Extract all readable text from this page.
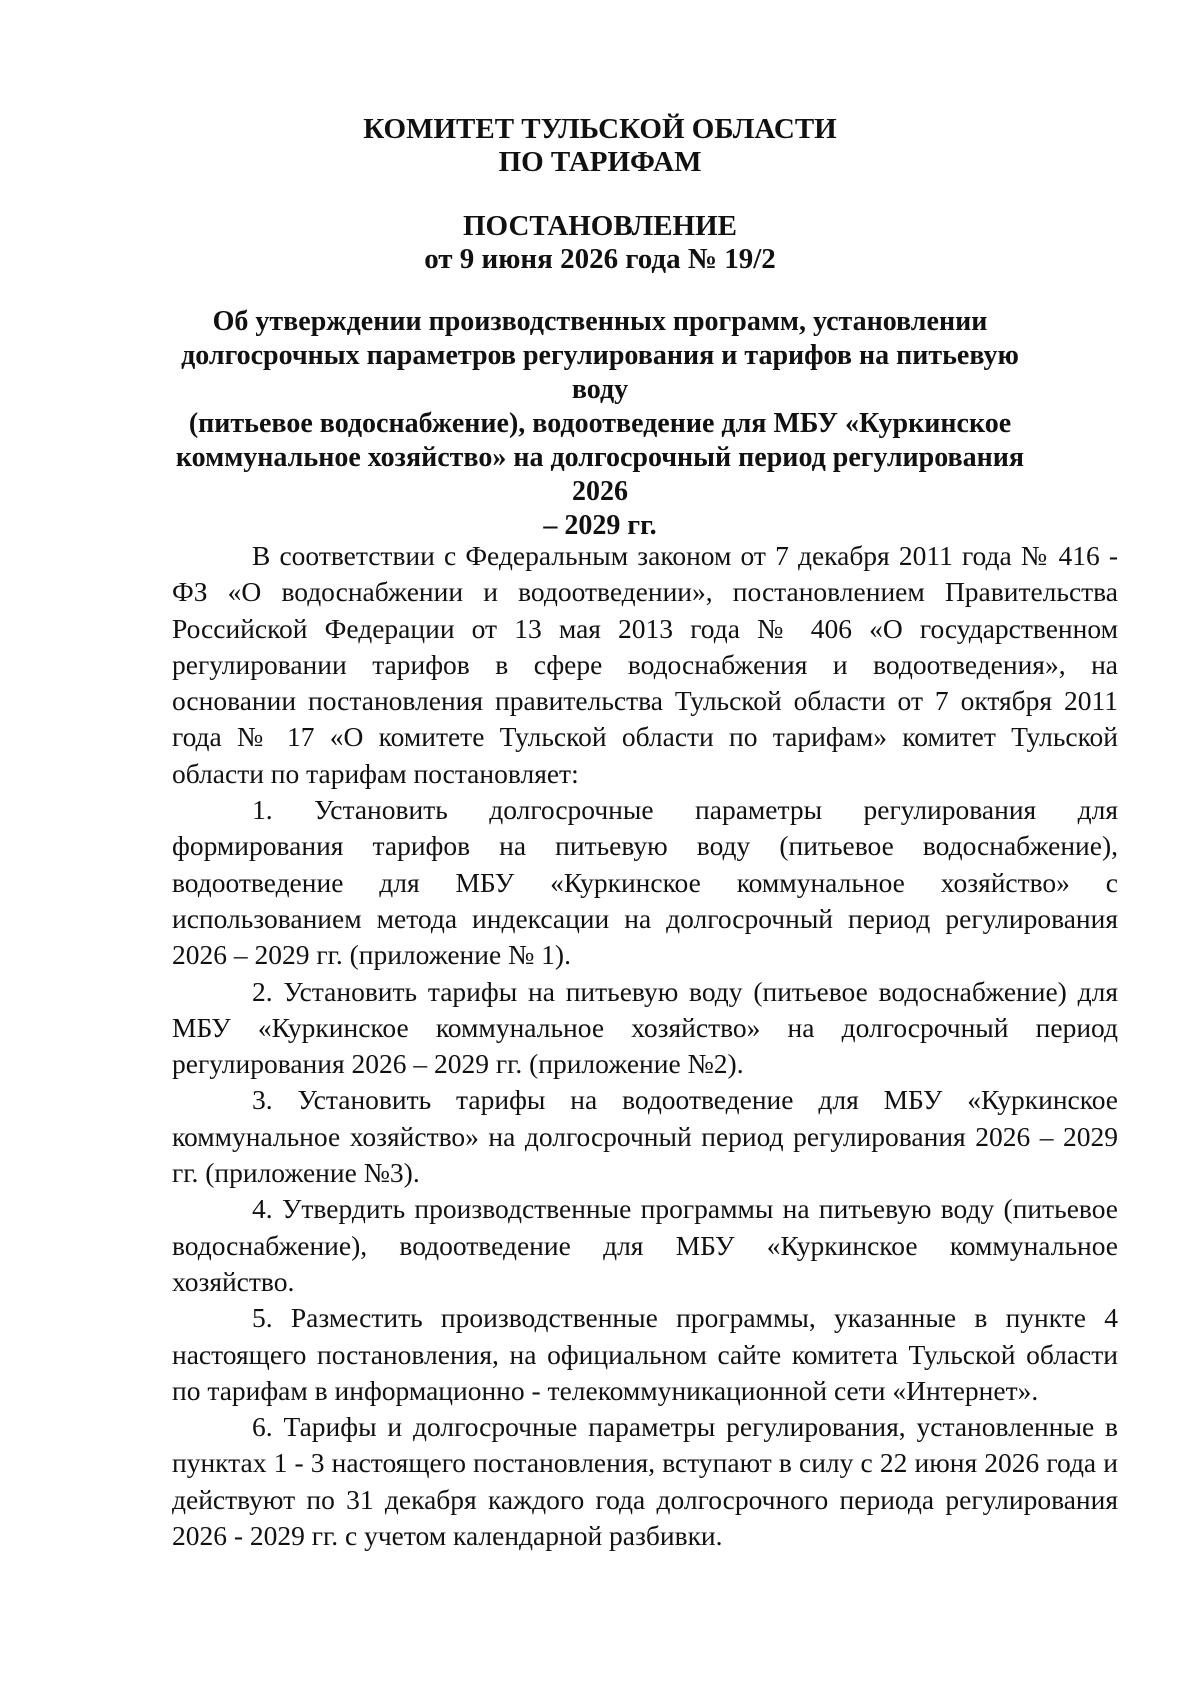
КОМИТЕТ ТУЛЬСКОЙ ОБЛАСТИ
ПО ТАРИФАМ
ПОСТАНОВЛЕНИЕ
от 9 июня 2026 года № 19/2
Об утверждении производственных программ, установлении
долгосрочных параметров регулирования и тарифов на питьевую воду
(питьевое водоснабжение), водоотведение для МБУ «Куркинское
коммунальное хозяйство» на долгосрочный период регулирования 2026
– 2029 гг.

В соответствии с Федеральным законом от 7 декабря 2011 года № 416 - ФЗ «О водоснабжении и водоотведении», постановлением Правительства Российской Федерации от 13 мая 2013 года № 406 «О государственном регулировании тарифов в сфере водоснабжения и водоотведения», на основании постановления правительства Тульской области от 7 октября 2011 года № 17 «О комитете Тульской области по тарифам» комитет Тульской области по тарифам постановляет:

1. Установить долгосрочные параметры регулирования для формирования тарифов на питьевую воду (питьевое водоснабжение), водоотведение для МБУ «Куркинское коммунальное хозяйство» с использованием метода индексации на долгосрочный период регулирования 2026 – 2029 гг. (приложение № 1).

2. Установить тарифы на питьевую воду (питьевое водоснабжение) для МБУ «Куркинское коммунальное хозяйство» на долгосрочный период регулирования 2026 – 2029 гг. (приложение №2).

3. Установить тарифы на водоотведение для МБУ «Куркинское коммунальное хозяйство» на долгосрочный период регулирования 2026 – 2029 гг. (приложение №3).

4. Утвердить производственные программы на питьевую воду (питьевое водоснабжение), водоотведение для МБУ «Куркинское коммунальное хозяйство.

5. Разместить производственные программы, указанные в пункте 4 настоящего постановления, на официальном сайте комитета Тульской области по тарифам в информационно - телекоммуникационной сети «Интернет».

6. Тарифы и долгосрочные параметры регулирования, установленные в пунктах 1 - 3 настоящего постановления, вступают в силу с 22 июня 2026 года и действуют по 31 декабря каждого года долгосрочного периода регулирования 2026 - 2029 гг. с учетом календарной разбивки.
